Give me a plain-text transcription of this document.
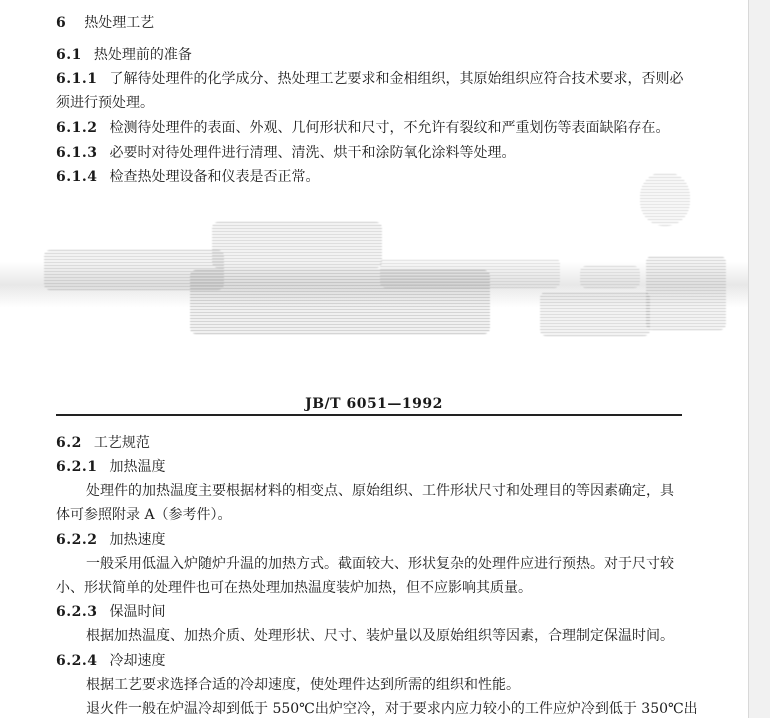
6 热处理工艺
6.1 热处理前的准备
6.1.1 了解待处理件的化学成分、热处理工艺要求和金相组织，其原始组织应符合技术要求，否则必
须进行预处理。
6.1.2 检测待处理件的表面、外观、几何形状和尺寸，不允许有裂纹和严重划伤等表面缺陷存在。
6.1.3 必要时对待处理件进行清理、清洗、烘干和涂防氧化涂料等处理。
6.1.4 检查热处理设备和仪表是否正常。
JB/T 6051—1992
6.2 工艺规范
6.2.1 加热温度
处理件的加热温度主要根据材料的相变点、原始组织、工件形状尺寸和处理目的等因素确定，具
体可参照附录 A（参考件）。
6.2.2 加热速度
一般采用低温入炉随炉升温的加热方式。截面较大、形状复杂的处理件应进行预热。对于尺寸较
小、形状简单的处理件也可在热处理加热温度装炉加热，但不应影响其质量。
6.2.3 保温时间
根据加热温度、加热介质、处理形状、尺寸、装炉量以及原始组织等因素，合理制定保温时间。
6.2.4 冷却速度
根据工艺要求选择合适的冷却速度，使处理件达到所需的组织和性能。
退火件一般在炉温冷却到低于 550℃出炉空冷，对于要求内应力较小的工件应炉冷到低于 350℃出
